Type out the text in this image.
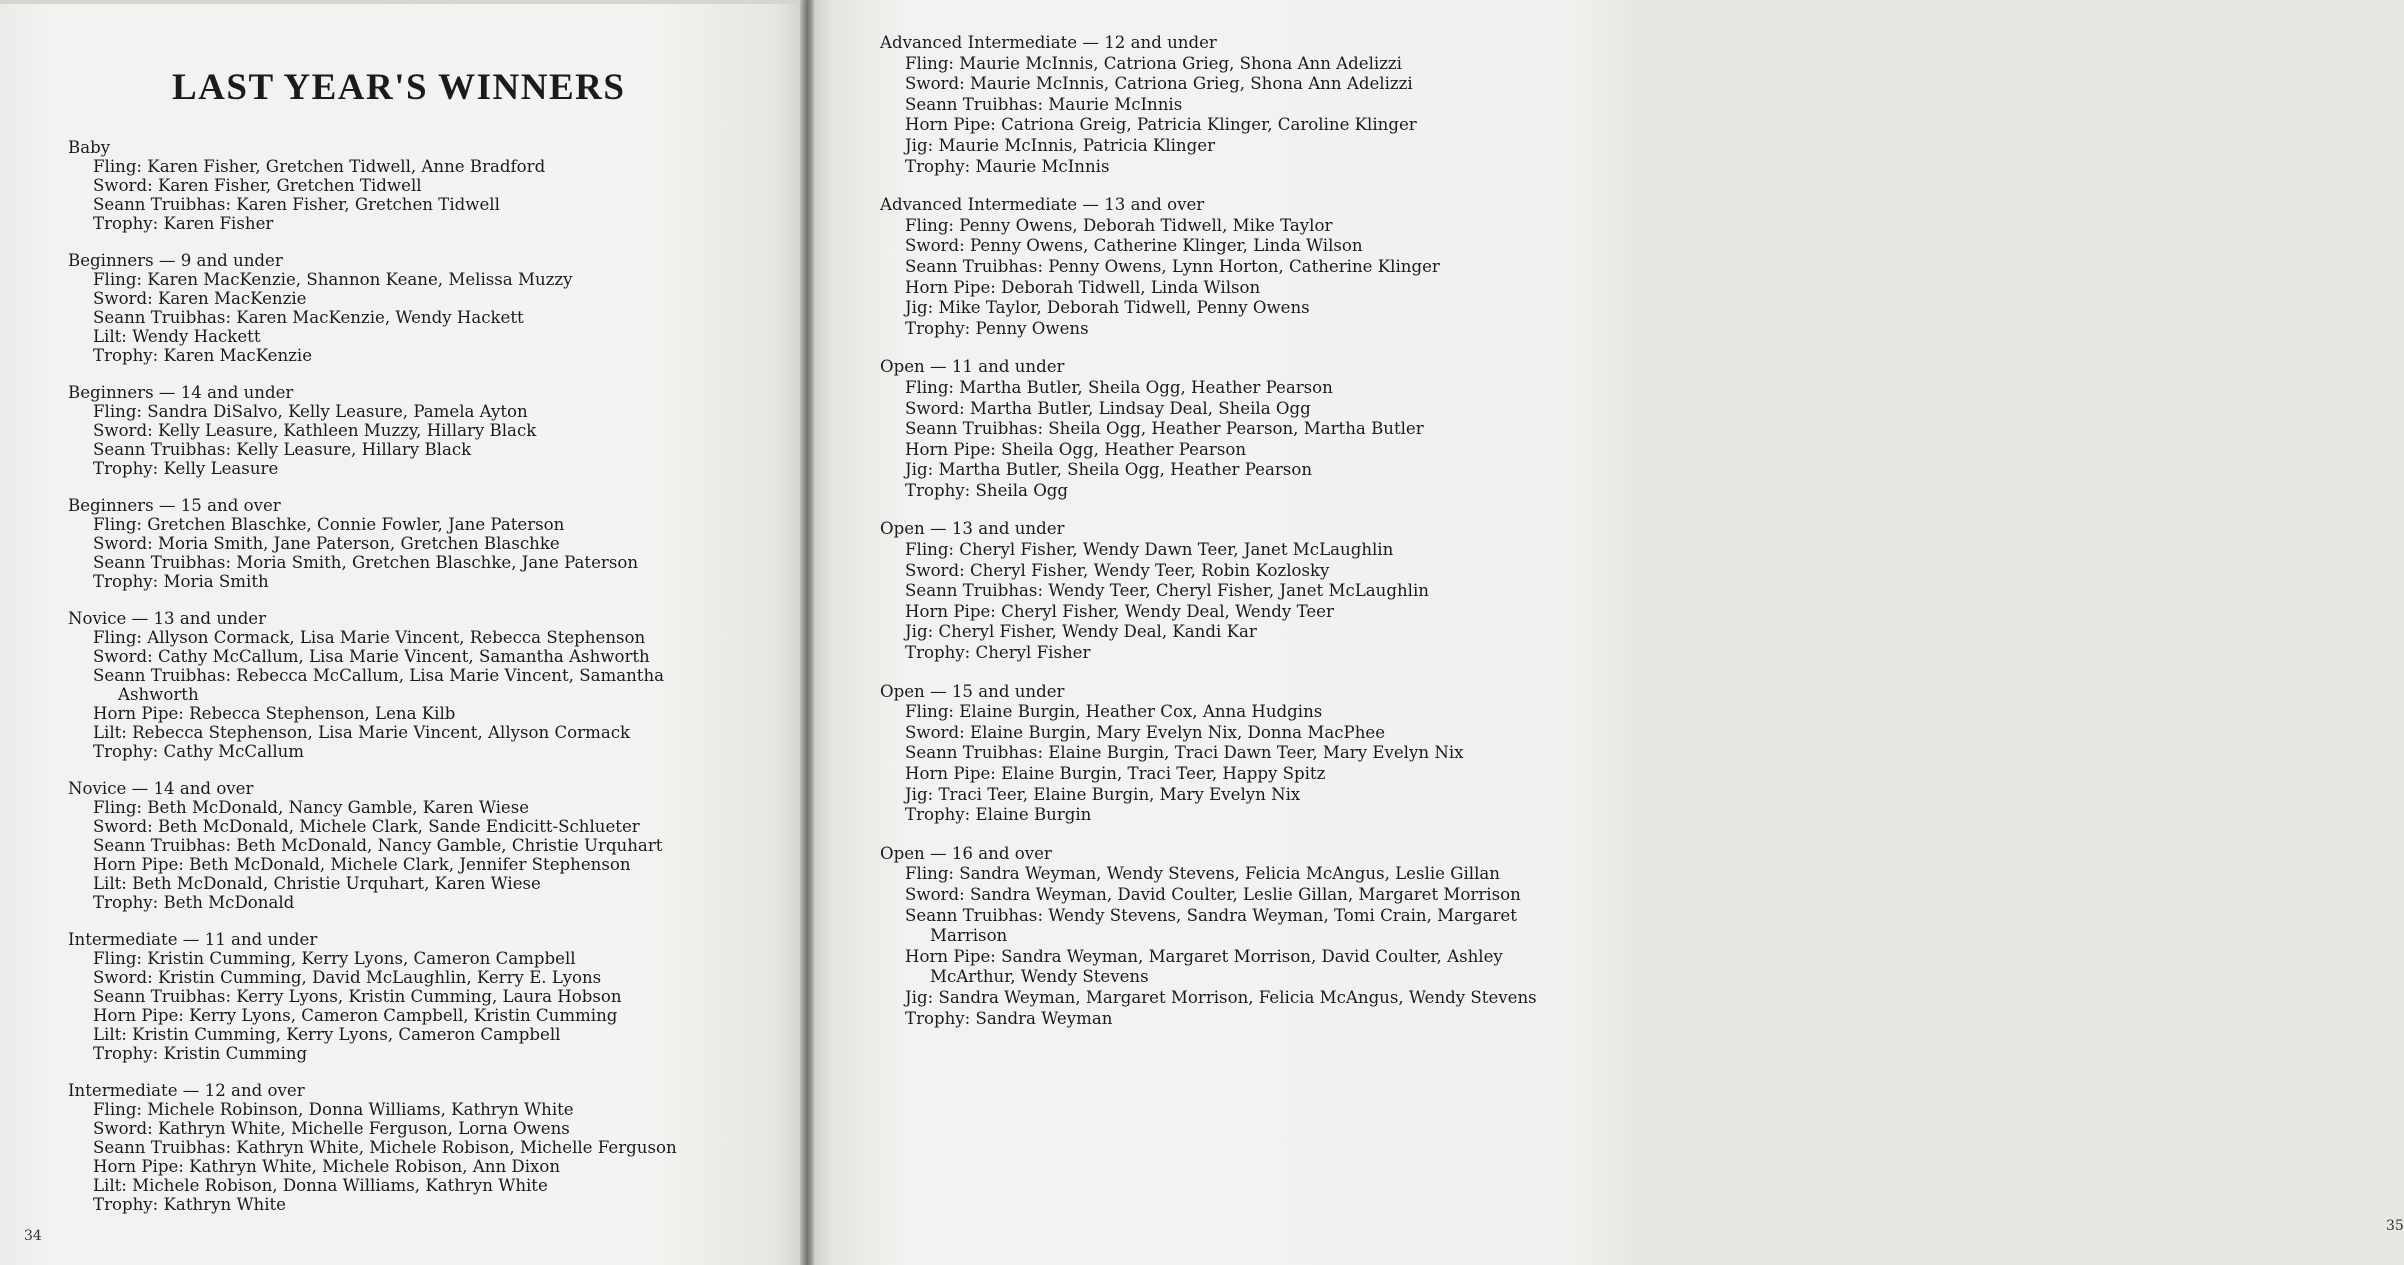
LAST YEAR'S WINNERS
Baby
Fling: Karen Fisher, Gretchen Tidwell, Anne Bradford
Sword: Karen Fisher, Gretchen Tidwell
Seann Truibhas: Karen Fisher, Gretchen Tidwell
Trophy: Karen Fisher
Beginners — 9 and under
Fling: Karen MacKenzie, Shannon Keane, Melissa Muzzy
Sword: Karen MacKenzie
Seann Truibhas: Karen MacKenzie, Wendy Hackett
Lilt: Wendy Hackett
Trophy: Karen MacKenzie
Beginners — 14 and under
Fling: Sandra DiSalvo, Kelly Leasure, Pamela Ayton
Sword: Kelly Leasure, Kathleen Muzzy, Hillary Black
Seann Truibhas: Kelly Leasure, Hillary Black
Trophy: Kelly Leasure
Beginners — 15 and over
Fling: Gretchen Blaschke, Connie Fowler, Jane Paterson
Sword: Moria Smith, Jane Paterson, Gretchen Blaschke
Seann Truibhas: Moria Smith, Gretchen Blaschke, Jane Paterson
Trophy: Moria Smith
Novice — 13 and under
Fling: Allyson Cormack, Lisa Marie Vincent, Rebecca Stephenson
Sword: Cathy McCallum, Lisa Marie Vincent, Samantha Ashworth
Seann Truibhas: Rebecca McCallum, Lisa Marie Vincent, Samantha Ashworth
Horn Pipe: Rebecca Stephenson, Lena Kilb
Lilt: Rebecca Stephenson, Lisa Marie Vincent, Allyson Cormack
Trophy: Cathy McCallum
Novice — 14 and over
Fling: Beth McDonald, Nancy Gamble, Karen Wiese
Sword: Beth McDonald, Michele Clark, Sande Endicitt-Schlueter
Seann Truibhas: Beth McDonald, Nancy Gamble, Christie Urquhart
Horn Pipe: Beth McDonald, Michele Clark, Jennifer Stephenson
Lilt: Beth McDonald, Christie Urquhart, Karen Wiese
Trophy: Beth McDonald
Intermediate — 11 and under
Fling: Kristin Cumming, Kerry Lyons, Cameron Campbell
Sword: Kristin Cumming, David McLaughlin, Kerry E. Lyons
Seann Truibhas: Kerry Lyons, Kristin Cumming, Laura Hobson
Horn Pipe: Kerry Lyons, Cameron Campbell, Kristin Cumming
Lilt: Kristin Cumming, Kerry Lyons, Cameron Campbell
Trophy: Kristin Cumming
Intermediate — 12 and over
Fling: Michele Robinson, Donna Williams, Kathryn White
Sword: Kathryn White, Michelle Ferguson, Lorna Owens
Seann Truibhas: Kathryn White, Michele Robison, Michelle Ferguson
Horn Pipe: Kathryn White, Michele Robison, Ann Dixon
Lilt: Michele Robison, Donna Williams, Kathryn White
Trophy: Kathryn White
34
35
Advanced Intermediate — 12 and under
Fling: Maurie McInnis, Catriona Grieg, Shona Ann Adelizzi
Sword: Maurie McInnis, Catriona Grieg, Shona Ann Adelizzi
Seann Truibhas: Maurie McInnis
Horn Pipe: Catriona Greig, Patricia Klinger, Caroline Klinger
Jig: Maurie McInnis, Patricia Klinger
Trophy: Maurie McInnis
Advanced Intermediate — 13 and over
Fling: Penny Owens, Deborah Tidwell, Mike Taylor
Sword: Penny Owens, Catherine Klinger, Linda Wilson
Seann Truibhas: Penny Owens, Lynn Horton, Catherine Klinger
Horn Pipe: Deborah Tidwell, Linda Wilson
Jig: Mike Taylor, Deborah Tidwell, Penny Owens
Trophy: Penny Owens
Open — 11 and under
Fling: Martha Butler, Sheila Ogg, Heather Pearson
Sword: Martha Butler, Lindsay Deal, Sheila Ogg
Seann Truibhas: Sheila Ogg, Heather Pearson, Martha Butler
Horn Pipe: Sheila Ogg, Heather Pearson
Jig: Martha Butler, Sheila Ogg, Heather Pearson
Trophy: Sheila Ogg
Open — 13 and under
Fling: Cheryl Fisher, Wendy Dawn Teer, Janet McLaughlin
Sword: Cheryl Fisher, Wendy Teer, Robin Kozlosky
Seann Truibhas: Wendy Teer, Cheryl Fisher, Janet McLaughlin
Horn Pipe: Cheryl Fisher, Wendy Deal, Wendy Teer
Jig: Cheryl Fisher, Wendy Deal, Kandi Kar
Trophy: Cheryl Fisher
Open — 15 and under
Fling: Elaine Burgin, Heather Cox, Anna Hudgins
Sword: Elaine Burgin, Mary Evelyn Nix, Donna MacPhee
Seann Truibhas: Elaine Burgin, Traci Dawn Teer, Mary Evelyn Nix
Horn Pipe: Elaine Burgin, Traci Teer, Happy Spitz
Jig: Traci Teer, Elaine Burgin, Mary Evelyn Nix
Trophy: Elaine Burgin
Open — 16 and over
Fling: Sandra Weyman, Wendy Stevens, Felicia McAngus, Leslie Gillan
Sword: Sandra Weyman, David Coulter, Leslie Gillan, Margaret Morrison
Seann Truibhas: Wendy Stevens, Sandra Weyman, Tomi Crain, Margaret Marrison
Horn Pipe: Sandra Weyman, Margaret Morrison, David Coulter, Ashley McArthur, Wendy Stevens
Jig: Sandra Weyman, Margaret Morrison, Felicia McAngus, Wendy Stevens
Trophy: Sandra Weyman
